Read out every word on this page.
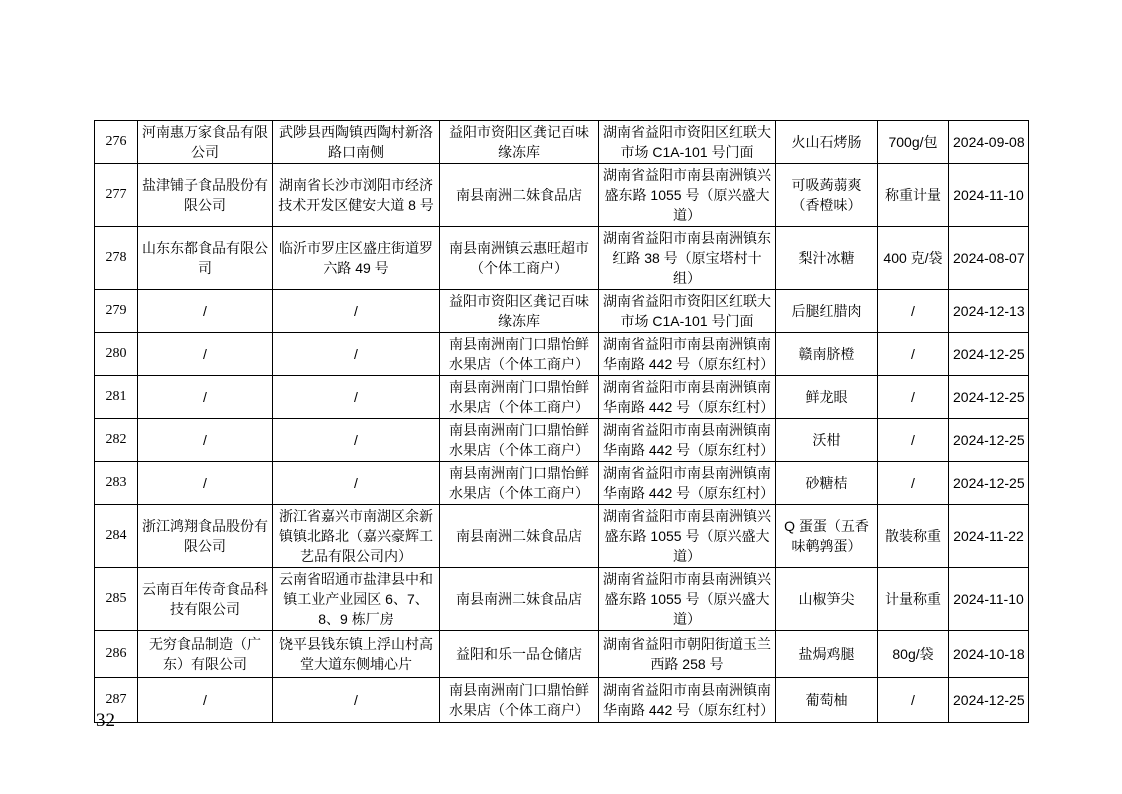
276	河南惠万家食品有限公司	武陟县西陶镇西陶村新洛路口南侧	益阳市资阳区龚记百味缘冻库	湖南省益阳市资阳区红联大市场 C1A-101 号门面	火山石烤肠	700g/包	2024-09-08
277	盐津铺子食品股份有限公司	湖南省长沙市浏阳市经济技术开发区健安大道 8 号	南县南洲二妹食品店	湖南省益阳市南县南洲镇兴盛东路 1055 号（原兴盛大道）	可吸蒟蒻爽（香橙味）	称重计量	2024-11-10
278	山东东都食品有限公司	临沂市罗庄区盛庄街道罗六路 49 号	南县南洲镇云惠旺超市（个体工商户）	湖南省益阳市南县南洲镇东红路 38 号（原宝塔村十组）	梨汁冰糖	400 克/袋	2024-08-07
279	/	/	益阳市资阳区龚记百味缘冻库	湖南省益阳市资阳区红联大市场 C1A-101 号门面	后腿红腊肉	/	2024-12-13
280	/	/	南县南洲南门口鼎怡鲜水果店（个体工商户）	湖南省益阳市南县南洲镇南华南路 442 号（原东红村）	赣南脐橙	/	2024-12-25
281	/	/	南县南洲南门口鼎怡鲜水果店（个体工商户）	湖南省益阳市南县南洲镇南华南路 442 号（原东红村）	鲜龙眼	/	2024-12-25
282	/	/	南县南洲南门口鼎怡鲜水果店（个体工商户）	湖南省益阳市南县南洲镇南华南路 442 号（原东红村）	沃柑	/	2024-12-25
283	/	/	南县南洲南门口鼎怡鲜水果店（个体工商户）	湖南省益阳市南县南洲镇南华南路 442 号（原东红村）	砂糖桔	/	2024-12-25
284	浙江鸿翔食品股份有限公司	浙江省嘉兴市南湖区余新镇镇北路北（嘉兴豪辉工艺品有限公司内）	南县南洲二妹食品店	湖南省益阳市南县南洲镇兴盛东路 1055 号（原兴盛大道）	Q 蛋蛋（五香味鹌鹑蛋）	散装称重	2024-11-22
285	云南百年传奇食品科技有限公司	云南省昭通市盐津县中和镇工业产业园区 6、7、8、9 栋厂房	南县南洲二妹食品店	湖南省益阳市南县南洲镇兴盛东路 1055 号（原兴盛大道）	山椒笋尖	计量称重	2024-11-10
286	无穷食品制造（广东）有限公司	饶平县钱东镇上浮山村高堂大道东侧埔心片	益阳和乐一品仓储店	湖南省益阳市朝阳街道玉兰西路 258 号	盐焗鸡腿	80g/袋	2024-10-18
287	/	/	南县南洲南门口鼎怡鲜水果店（个体工商户）	湖南省益阳市南县南洲镇南华南路 442 号（原东红村）	葡萄柚	/	2024-12-25
32
